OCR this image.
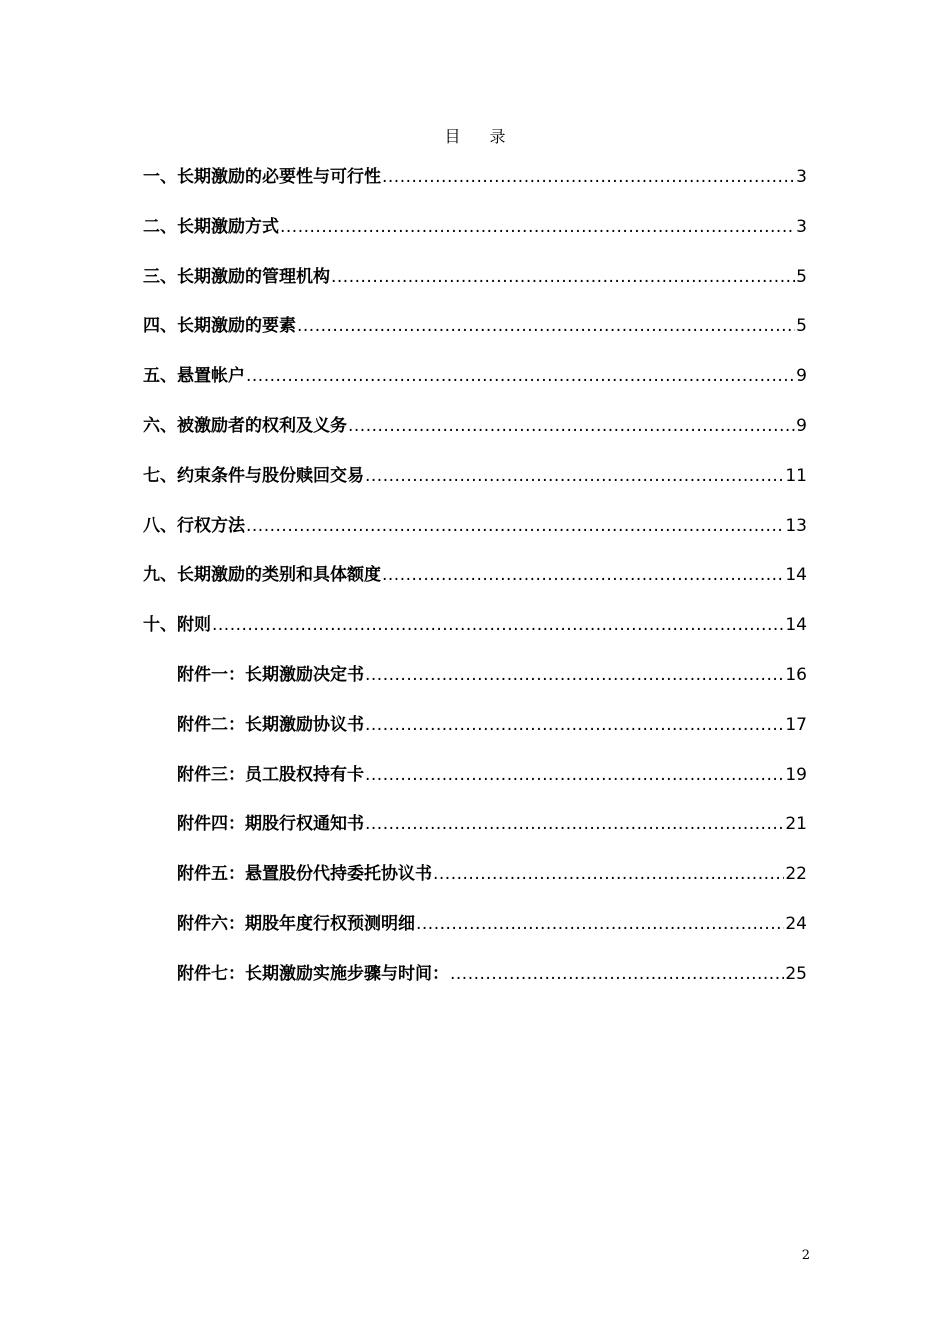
目 录
一、长期激励的必要性与可行性 .....	3
二、长期激励方式 .....	3
三、长期激励的管理机构 .....	5
四、长期激励的要素 .....	5
五、悬置帐户 .....	9
六、被激励者的权利及义务 .....	9
七、约束条件与股份赎回交易 .....	11
八、行权方法 .....	13
九、长期激励的类别和具体额度 .....	14
十、附则 .....	14
附件一：长期激励决定书 .....	16
附件二：长期激励协议书 .....	17
附件三：员工股权持有卡 .....	19
附件四：期股行权通知书 .....	21
附件五：悬置股份代持委托协议书 .....	22
附件六：期股年度行权预测明细 .....	24
附件七：长期激励实施步骤与时间： .....	25
2
